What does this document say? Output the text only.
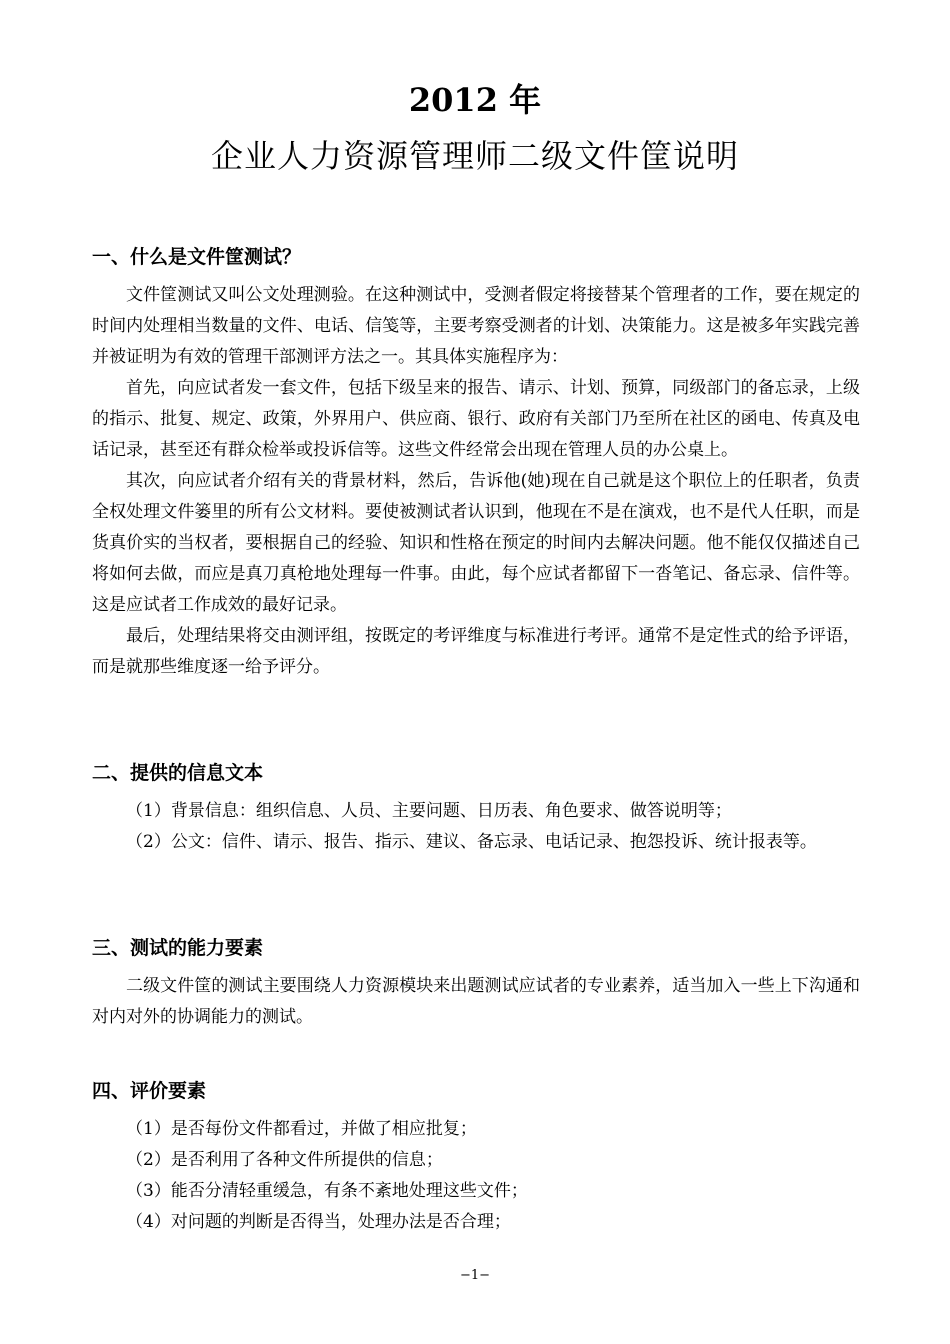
2012 年
企业人力资源管理师二级文件筐说明
一、什么是文件筐测试？

文件筐测试又叫公文处理测验。在这种测试中，受测者假定将接替某个管理者的工作，要在规定的时间内处理相当数量的文件、电话、信笺等，主要考察受测者的计划、决策能力。这是被多年实践完善并被证明为有效的管理干部测评方法之一。其具体实施程序为：

首先，向应试者发一套文件，包括下级呈来的报告、请示、计划、预算，同级部门的备忘录，上级的指示、批复、规定、政策，外界用户、供应商、银行、政府有关部门乃至所在社区的函电、传真及电话记录，甚至还有群众检举或投诉信等。这些文件经常会出现在管理人员的办公桌上。

其次，向应试者介绍有关的背景材料，然后，告诉他(她)现在自己就是这个职位上的任职者，负责全权处理文件篓里的所有公文材料。要使被测试者认识到，他现在不是在演戏，也不是代人任职，而是货真价实的当权者，要根据自己的经验、知识和性格在预定的时间内去解决问题。他不能仅仅描述自己将如何去做，而应是真刀真枪地处理每一件事。由此，每个应试者都留下一沓笔记、备忘录、信件等。这是应试者工作成效的最好记录。

最后，处理结果将交由测评组，按既定的考评维度与标准进行考评。通常不是定性式的给予评语，而是就那些维度逐一给予评分。

二、提供的信息文本

（1）背景信息：组织信息、人员、主要问题、日历表、角色要求、做答说明等；

（2）公文：信件、请示、报告、指示、建议、备忘录、电话记录、抱怨投诉、统计报表等。

三、测试的能力要素

二级文件筐的测试主要围绕人力资源模块来出题测试应试者的专业素养，适当加入一些上下沟通和对内对外的协调能力的测试。

四、评价要素

（1）是否每份文件都看过，并做了相应批复；

（2）是否利用了各种文件所提供的信息；

（3）能否分清轻重缓急，有条不紊地处理这些文件；

（4）对问题的判断是否得当，处理办法是否合理；

−1−
